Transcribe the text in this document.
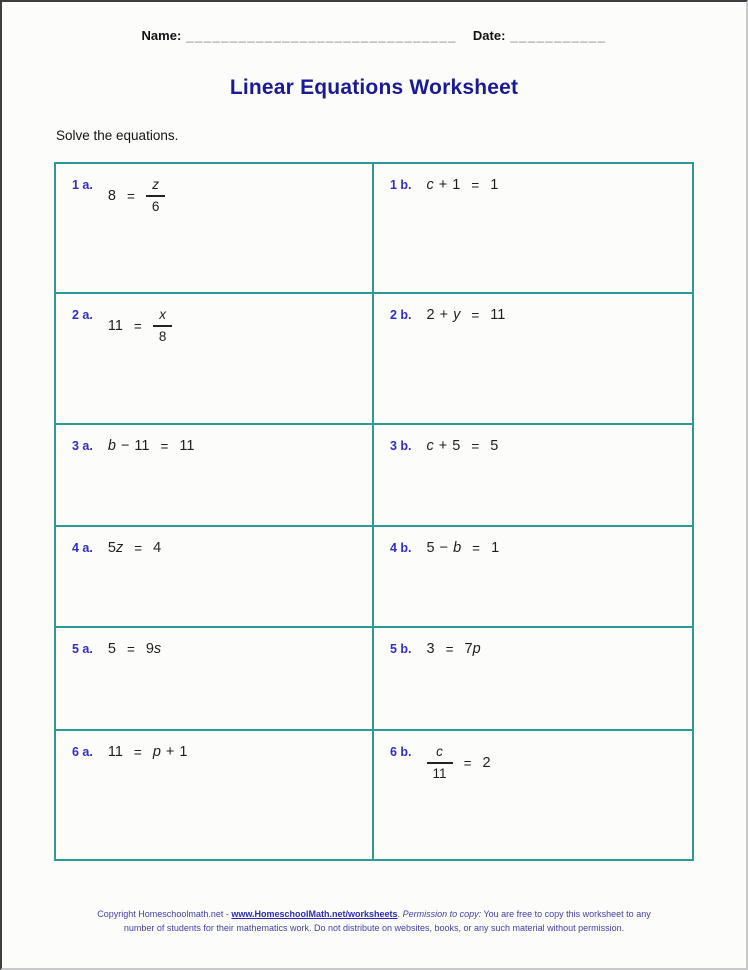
Name: _______________________________ Date: ___________
Linear Equations Worksheet
Solve the equations.
1 a.
$8 = \frac{z}{6}$	1 b. c + 1 = 1
2 a.
$11 = \frac{x}{8}$	2 b. 2 + y = 11
3 a. b − 11 = 11	3 b. c + 5 = 5
4 a. 5 z = 4	4 b. 5 − b = 1
5 a. 5 = 9 s	5 b. 3 = 7 p
6 a. 11 = p + 1	6 b. $\frac{c}{11} = 2$
Copyright Homeschoolmath.net - www.HomeschoolMath.net/worksheets. Permission to copy: You are free to copy this worksheet to any number of students for their mathematics work. Do not distribute on websites, books, or any such material without permission.
